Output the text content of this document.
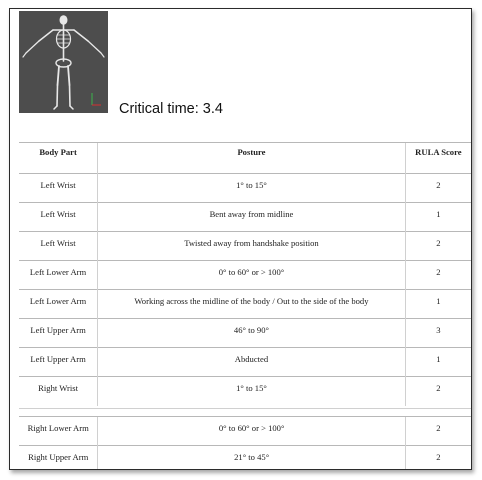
Critical time: 3.4
Body Part	Posture	RULA Score
Left Wrist	1° to 15°	2
Left Wrist	Bent away from midline	1
Left Wrist	Twisted away from handshake position	2
Left Lower Arm	0° to 60° or > 100°	2
Left Lower Arm	Working across the midline of the body / Out to the side of the body	1
Left Upper Arm	46° to 90°	3
Left Upper Arm	Abducted	1
Right Wrist	1° to 15°	2
Right Lower Arm	0° to 60° or > 100°	2
Right Upper Arm	21° to 45°	2
